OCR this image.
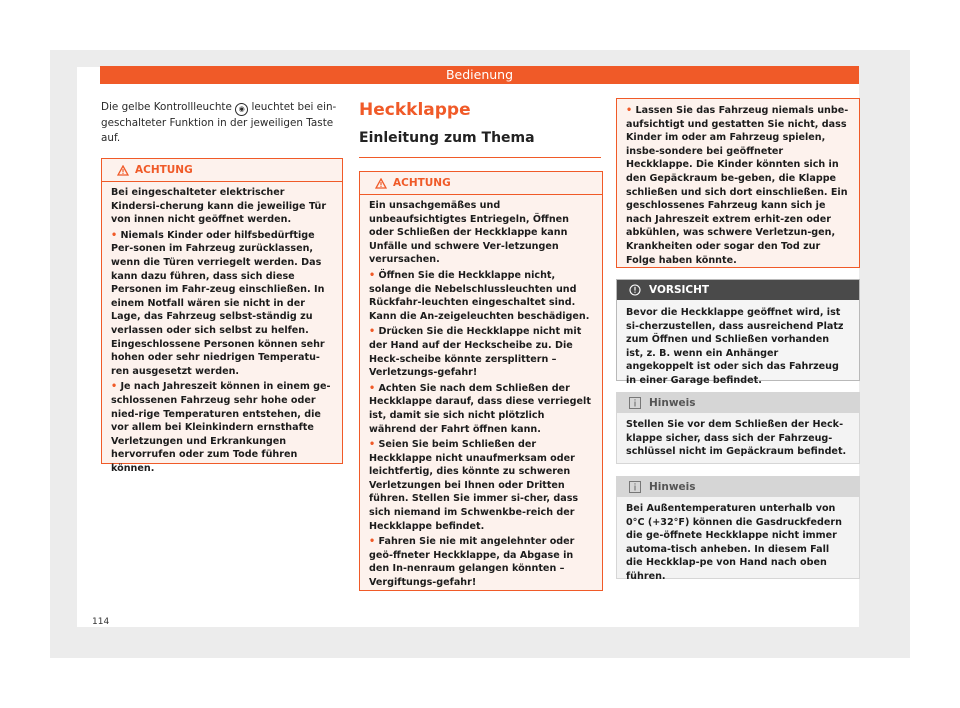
Bedienung

Die gelbe Kontrollleuchte ◉ leuchtet bei ein-geschalteter Funktion in der jeweiligen Taste auf.

ACHTUNG

Bei eingeschalteter elektrischer Kindersi-cherung kann die jeweilige Tür von innen nicht geöffnet werden.

• Niemals Kinder oder hilfsbedürftige Per-sonen im Fahrzeug zurücklassen, wenn die Türen verriegelt werden. Das kann dazu führen, dass sich diese Personen im Fahr-zeug einschließen. In einem Notfall wären sie nicht in der Lage, das Fahrzeug selbst-ständig zu verlassen oder sich selbst zu helfen. Eingeschlossene Personen können sehr hohen oder sehr niedrigen Temperatu-ren ausgesetzt werden.

• Je nach Jahreszeit können in einem ge-schlossenen Fahrzeug sehr hohe oder nied-rige Temperaturen entstehen, die vor allem bei Kleinkindern ernsthafte Verletzungen und Erkrankungen hervorrufen oder zum Tode führen können.

Heckklappe

Einleitung zum Thema

ACHTUNG

Ein unsachgemäßes und unbeaufsichtigtes Entriegeln, Öffnen oder Schließen der Heckklappe kann Unfälle und schwere Ver-letzungen verursachen.

• Öffnen Sie die Heckklappe nicht, solange die Nebelschlussleuchten und Rückfahr-leuchten eingeschaltet sind. Kann die An-zeigeleuchten beschädigen.

• Drücken Sie die Heckklappe nicht mit der Hand auf der Heckscheibe zu. Die Heck-scheibe könnte zersplittern – Verletzungs-gefahr!

• Achten Sie nach dem Schließen der Heckklappe darauf, dass diese verriegelt ist, damit sie sich nicht plötzlich während der Fahrt öffnen kann.

• Seien Sie beim Schließen der Heckklappe nicht unaufmerksam oder leichtfertig, dies könnte zu schweren Verletzungen bei Ihnen oder Dritten führen. Stellen Sie immer si-cher, dass sich niemand im Schwenkbe-reich der Heckklappe befindet.

• Fahren Sie nie mit angelehnter oder geö-ffneter Heckklappe, da Abgase in den In-nenraum gelangen könnten – Vergiftungs-gefahr!

• Lassen Sie das Fahrzeug niemals unbe-aufsichtigt und gestatten Sie nicht, dass Kinder im oder am Fahrzeug spielen, insbe-sondere bei geöffneter Heckklappe. Die Kinder könnten sich in den Gepäckraum be-geben, die Klappe schließen und sich dort einschließen. Ein geschlossenes Fahrzeug kann sich je nach Jahreszeit extrem erhit-zen oder abkühlen, was schwere Verletzun-gen, Krankheiten oder sogar den Tod zur Folge haben könnte.

VORSICHT

Bevor die Heckklappe geöffnet wird, ist si-cherzustellen, dass ausreichend Platz zum Öffnen und Schließen vorhanden ist, z. B. wenn ein Anhänger angekoppelt ist oder sich das Fahrzeug in einer Garage befindet.

Hinweis

Stellen Sie vor dem Schließen der Heck-klappe sicher, dass sich der Fahrzeug-schlüssel nicht im Gepäckraum befindet.

Hinweis

Bei Außentemperaturen unterhalb von 0°C (+32°F) können die Gasdruckfedern die ge-öffnete Heckklappe nicht immer automa-tisch anheben. In diesem Fall die Heckklap-pe von Hand nach oben führen.

114
